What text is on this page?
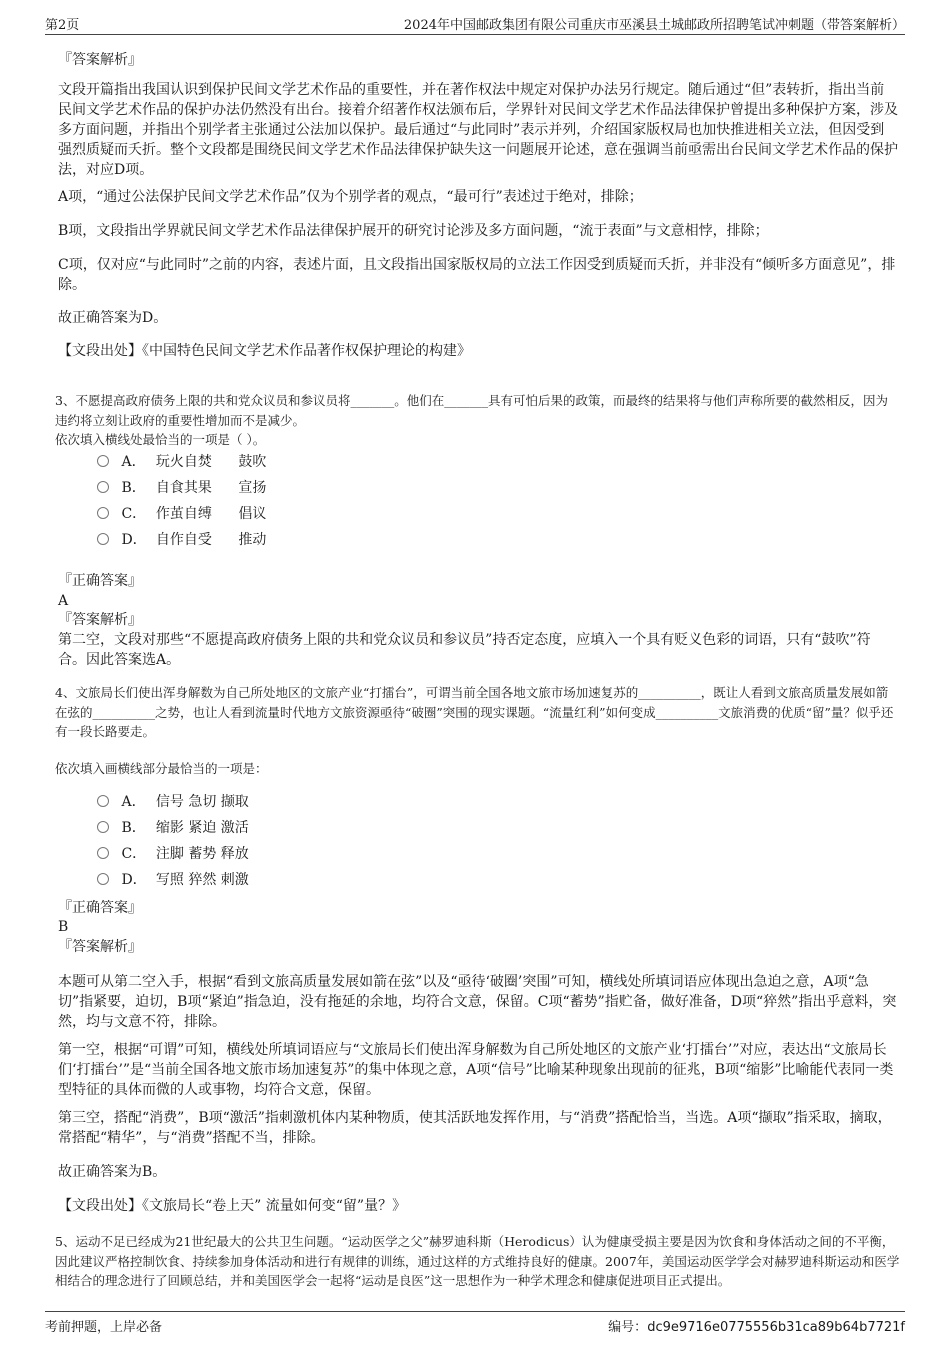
第2页	2024年中国邮政集团有限公司重庆市巫溪县土城邮政所招聘笔试冲刺题（带答案解析）
『答案解析』
文段开篇指出我国认识到保护民间文学艺术作品的重要性，并在著作权法中规定对保护办法另行规定。随后通过“但”表转折，指出当前民间文学艺术作品的保护办法仍然没有出台。接着介绍著作权法颁布后，学界针对民间文学艺术作品法律保护曾提出多种保护方案，涉及多方面问题，并指出个别学者主张通过公法加以保护。最后通过“与此同时”表示并列，介绍国家版权局也加快推进相关立法，但因受到强烈质疑而夭折。整个文段都是围绕民间文学艺术作品法律保护缺失这一问题展开论述，意在强调当前亟需出台民间文学艺术作品的保护法，对应D项。
A项，“通过公法保护民间文学艺术作品”仅为个别学者的观点，“最可行”表述过于绝对，排除；
B项，文段指出学界就民间文学艺术作品法律保护展开的研究讨论涉及多方面问题，“流于表面”与文意相悖，排除；
C项，仅对应“与此同时”之前的内容，表述片面，且文段指出国家版权局的立法工作因受到质疑而夭折，并非没有“倾听多方面意见”，排除。
故正确答案为D。
【文段出处】《中国特色民间文学艺术作品著作权保护理论的构建》
3、不愿提高政府债务上限的共和党众议员和参议员将_______。他们在_______具有可怕后果的政策，而最终的结果将与他们声称所要的截然相反，因为违约将立刻让政府的重要性增加而不是减少。
依次填入横线处最恰当的一项是（ ）。
A． 玩火自焚 鼓吹
B． 自食其果 宣扬
C． 作茧自缚 倡议
D． 自作自受 推动
『正确答案』
A
『答案解析』
第二空，文段对那些“不愿提高政府债务上限的共和党众议员和参议员”持否定态度，应填入一个具有贬义色彩的词语，只有“鼓吹”符合。因此答案选A。
4、文旅局长们使出浑身解数为自己所处地区的文旅产业“打擂台”，可谓当前全国各地文旅市场加速复苏的__________，既让人看到文旅高质量发展如箭在弦的__________之势，也让人看到流量时代地方文旅资源亟待“破圈”突围的现实课题。“流量红利”如何变成__________文旅消费的优质“留”量？似乎还有一段长路要走。
依次填入画横线部分最恰当的一项是：
A． 信号 急切 撷取
B． 缩影 紧迫 激活
C． 注脚 蓄势 释放
D． 写照 猝然 刺激
『正确答案』
B
『答案解析』
本题可从第二空入手，根据“看到文旅高质量发展如箭在弦”以及“亟待‘破圈’突围”可知，横线处所填词语应体现出急迫之意，A项“急切”指紧要，迫切，B项“紧迫”指急迫，没有拖延的余地，均符合文意，保留。C项“蓄势”指贮备，做好准备，D项“猝然”指出乎意料，突然，均与文意不符，排除。
第一空，根据“可谓”可知，横线处所填词语应与“文旅局长们使出浑身解数为自己所处地区的文旅产业‘打擂台’”对应，表达出“文旅局长们‘打擂台’”是“当前全国各地文旅市场加速复苏”的集中体现之意，A项“信号”比喻某种现象出现前的征兆，B项“缩影”比喻能代表同一类型特征的具体而微的人或事物，均符合文意，保留。
第三空，搭配“消费”，B项“激活”指刺激机体内某种物质，使其活跃地发挥作用，与“消费”搭配恰当，当选。A项“撷取”指采取，摘取，常搭配“精华”，与“消费”搭配不当，排除。
故正确答案为B。
【文段出处】《文旅局长“卷上天” 流量如何变“留”量？》
5、运动不足已经成为21世纪最大的公共卫生问题。“运动医学之父”赫罗迪科斯（Herodicus）认为健康受损主要是因为饮食和身体活动之间的不平衡，因此建议严格控制饮食、持续参加身体活动和进行有规律的训练，通过这样的方式维持良好的健康。2007年，美国运动医学学会对赫罗迪科斯运动和医学相结合的理念进行了回顾总结，并和美国医学会一起将“运动是良医”这一思想作为一种学术理念和健康促进项目正式提出。
考前押题，上岸必备	编号：dc9e9716e0775556b31ca89b64b7721f
